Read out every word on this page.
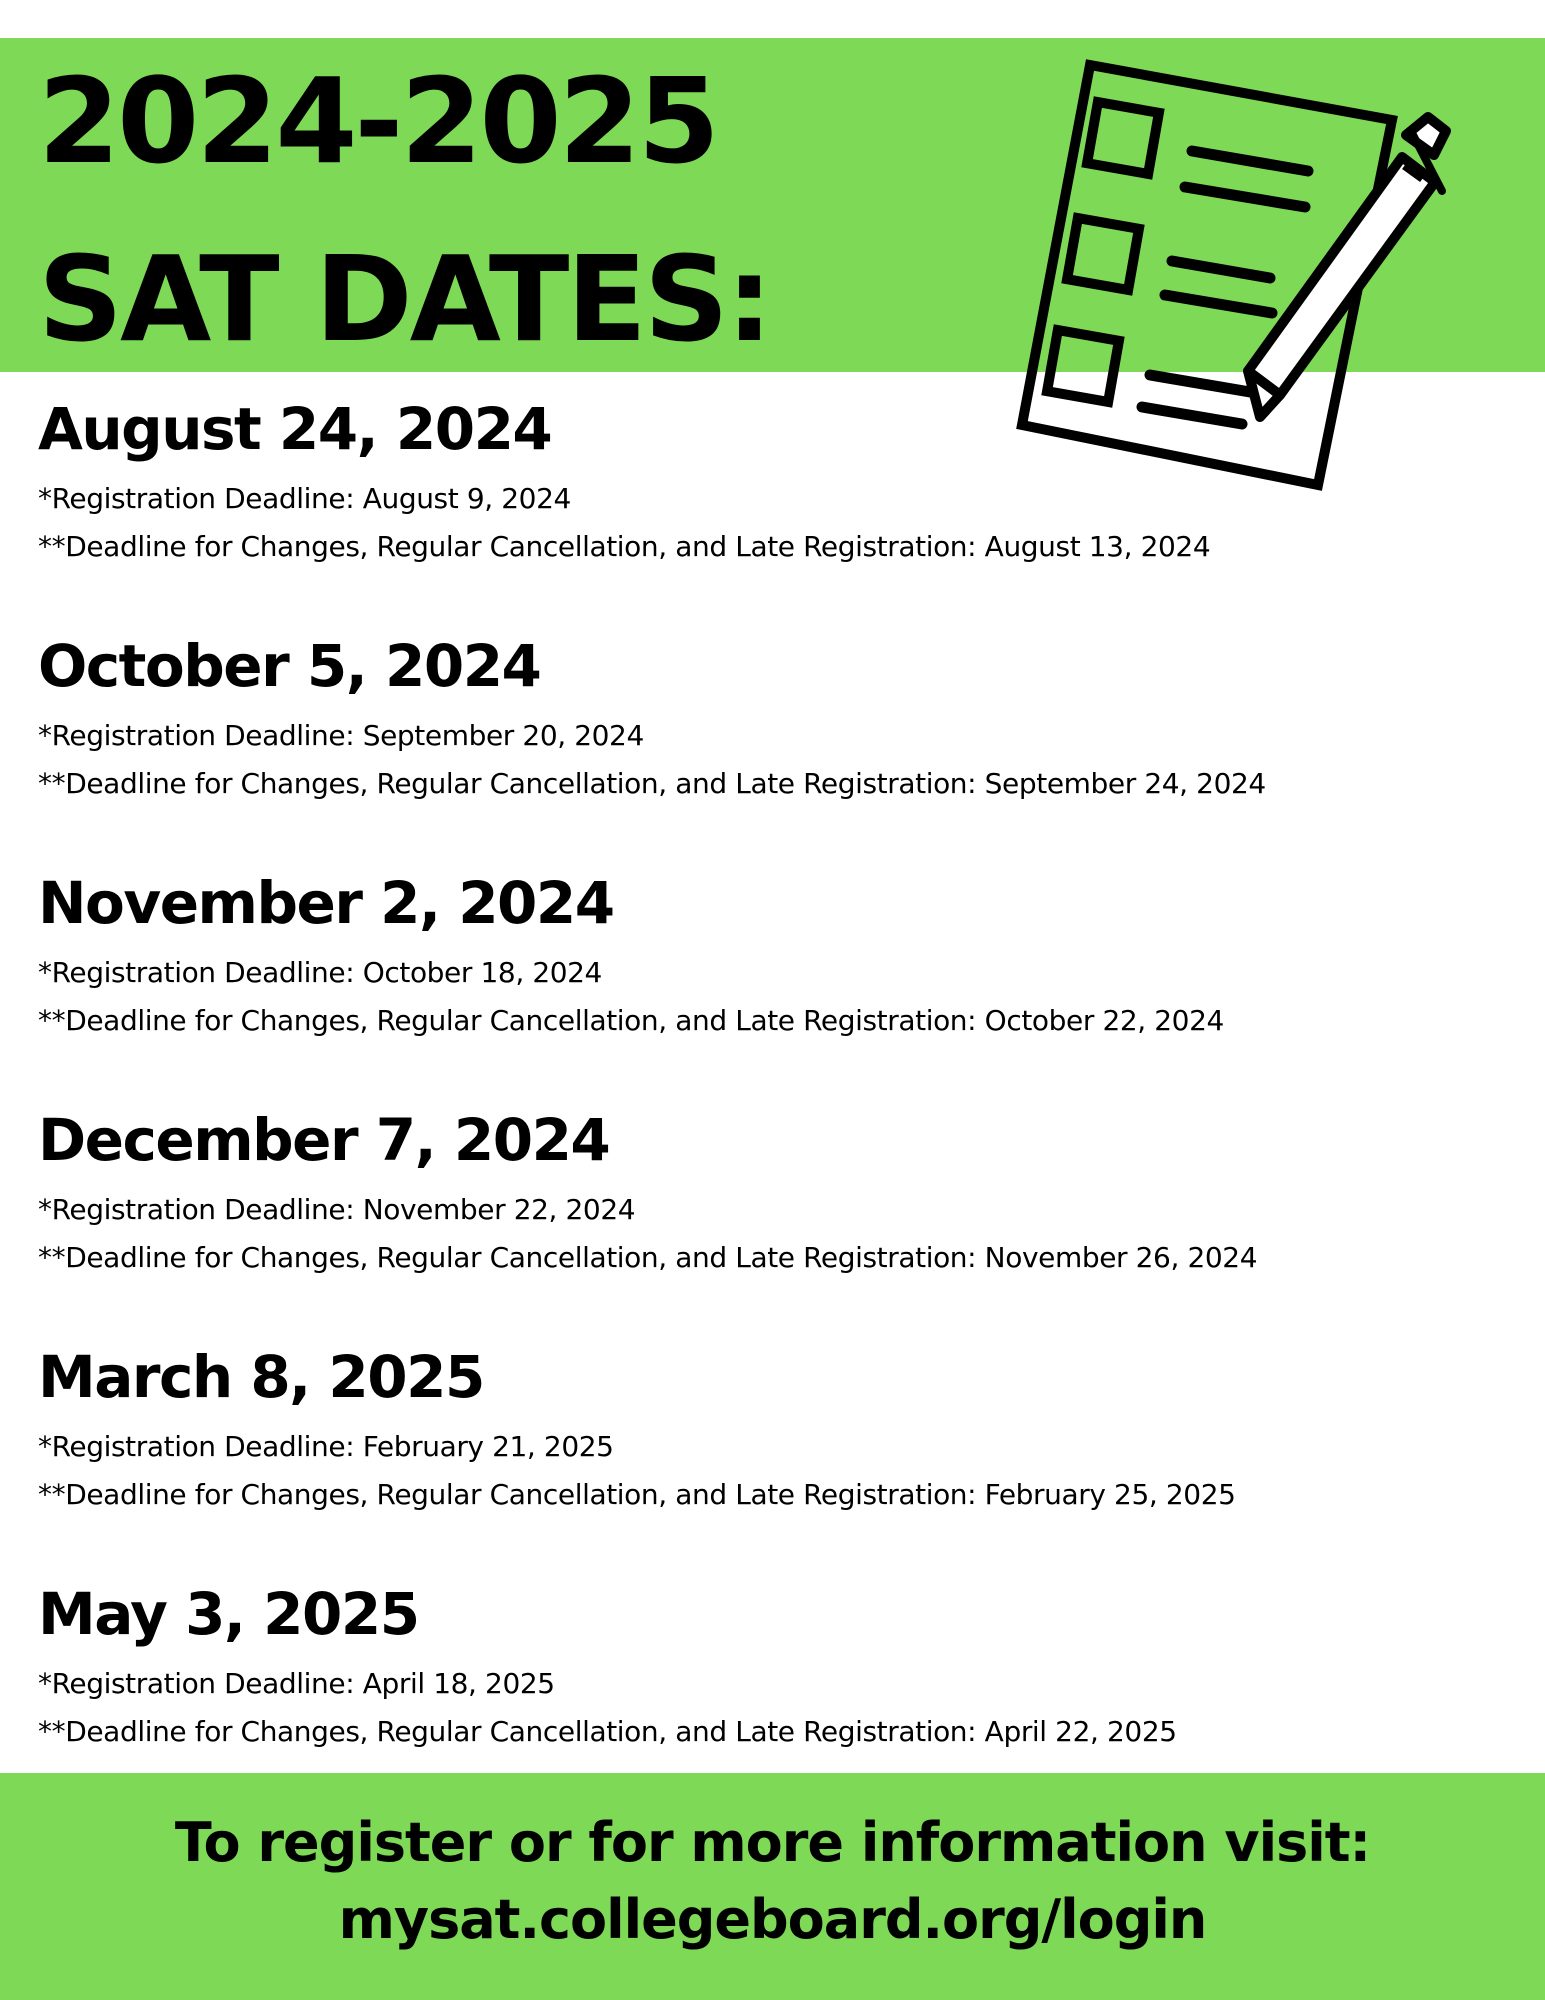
2024-2025
SAT DATES:
August 24, 2024

*Registration Deadline: August 9, 2024

**Deadline for Changes, Regular Cancellation, and Late Registration: August 13, 2024

October 5, 2024

*Registration Deadline: September 20, 2024

**Deadline for Changes, Regular Cancellation, and Late Registration: September 24, 2024

November 2, 2024

*Registration Deadline: October 18, 2024

**Deadline for Changes, Regular Cancellation, and Late Registration: October 22, 2024

December 7, 2024

*Registration Deadline: November 22, 2024

**Deadline for Changes, Regular Cancellation, and Late Registration: November 26, 2024

March 8, 2025

*Registration Deadline: February 21, 2025

**Deadline for Changes, Regular Cancellation, and Late Registration: February 25, 2025

May 3, 2025

*Registration Deadline: April 18, 2025

**Deadline for Changes, Regular Cancellation, and Late Registration: April 22, 2025

To register or for more information visit:

mysat.collegeboard.org/login
